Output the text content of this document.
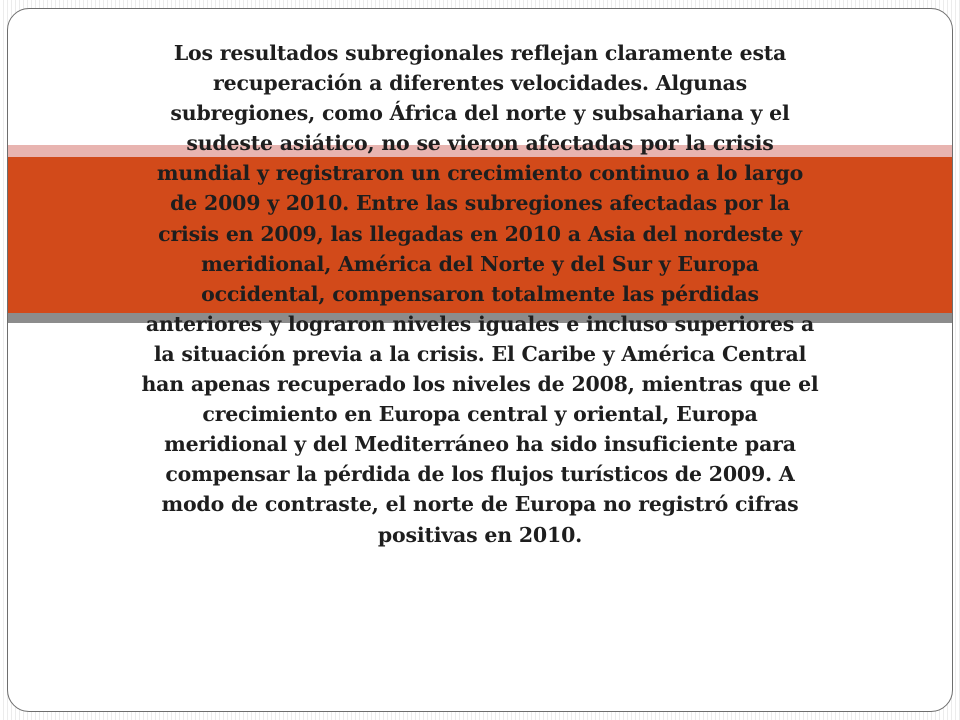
Los resultados subregionales reflejan claramente esta recuperación a diferentes velocidades. Algunas subregiones, como África del norte y subsahariana y el sudeste asiático, no se vieron afectadas por la crisis mundial y registraron un crecimiento continuo a lo largo de 2009 y 2010. Entre las subregiones afectadas por la crisis en 2009, las llegadas en 2010 a Asia del nordeste y meridional, América del Norte y del Sur y Europa occidental, compensaron totalmente las pérdidas anteriores y lograron niveles iguales e incluso superiores a la situación previa a la crisis. El Caribe y América Central han apenas recuperado los niveles de 2008, mientras que el crecimiento en Europa central y oriental, Europa meridional y del Mediterráneo ha sido insuficiente para compensar la pérdida de los flujos turísticos de 2009. A modo de contraste, el norte de Europa no registró cifras positivas en 2010.
